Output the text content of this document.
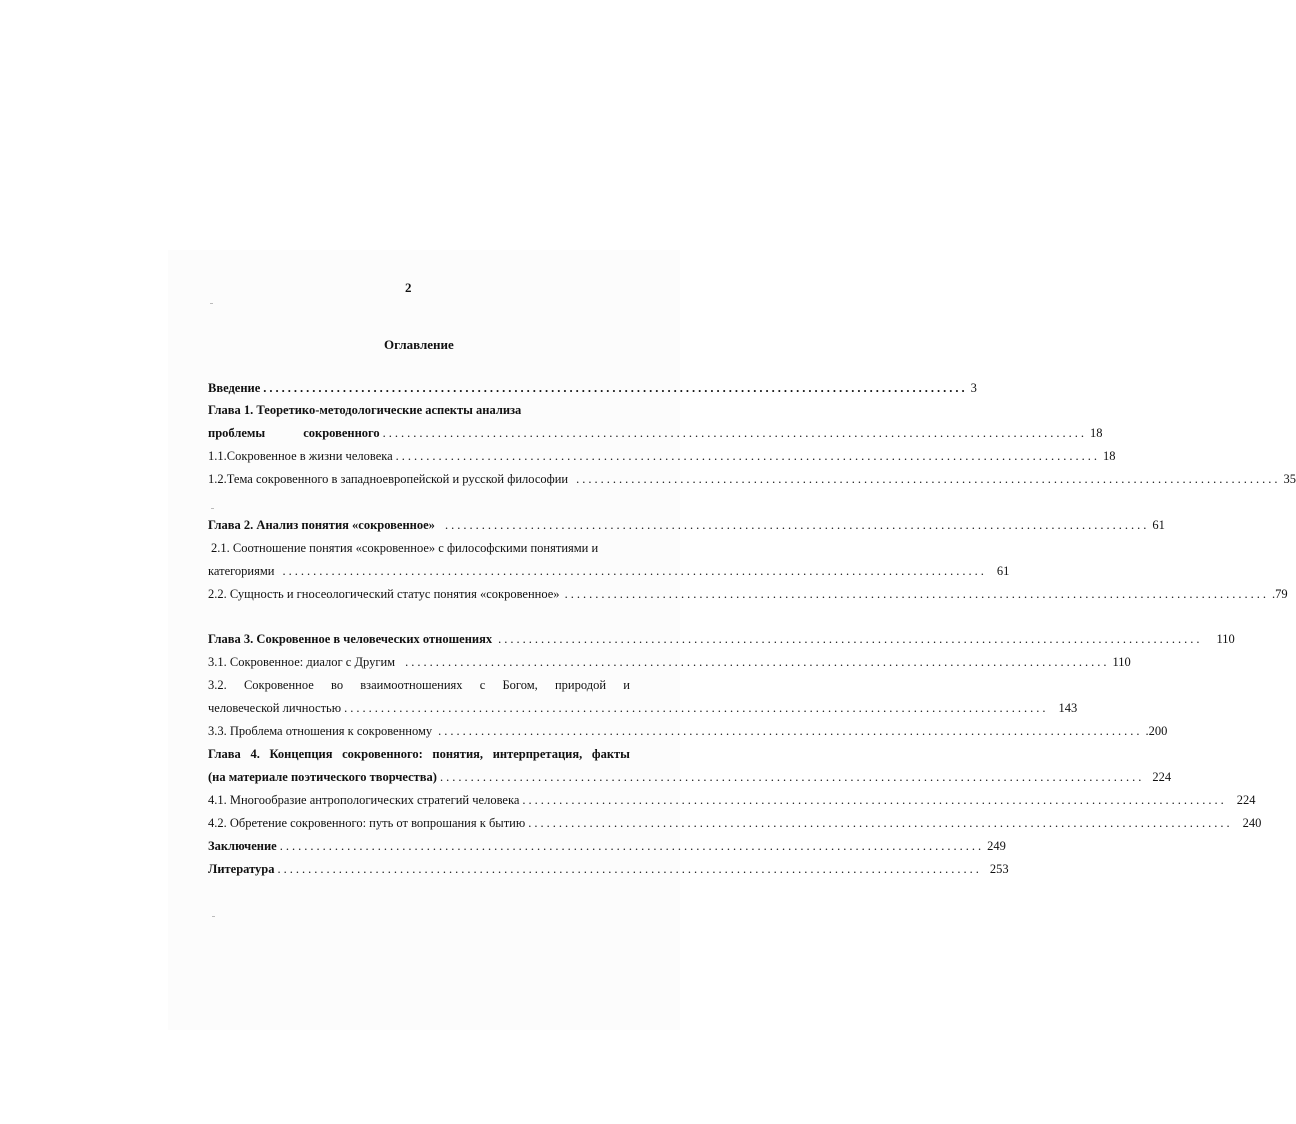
2
Оглавление
Введение ................................................................................................................... 3
Глава 1. Теоретико-методологические аспекты анализа
проблемы	сокровенного ................................................................................................................... 18
1.1.Сокровенное в жизни человека ................................................................................................................... 18
1.2.Тема сокровенного в западноевропейской и русской философии ................................................................................................................... 35
Глава 2. Анализ понятия «сокровенное» ................................................................................................................... 61
2.1. Соотношение понятия «сокровенное» с философскими понятиями и
категориями ................................................................................................................... 61
2.2. Сущность и гносеологический статус понятия «сокровенное» ................................................................................................................... .79
Глава 3. Сокровенное в человеческих отношениях ...................................................................................................................	110
3.1. Сокровенное: диалог с Другим ................................................................................................................... 110
3.2. Сокровенное во взаимоотношениях с Богом, природой и
человеческой личностью ................................................................................................................... 143
3.3. Проблема отношения к сокровенному ................................................................................................................... .200
Глава 4. Концепция сокровенного: понятия, интерпретация, факты
(на материале поэтического творчества) ................................................................................................................... 224
4.1. Многообразие антропологических стратегий человека ................................................................................................................... 224
4.2. Обретение сокровенного: путь от вопрошания к бытию ................................................................................................................... 240
Заключение ................................................................................................................... 249
Литература ................................................................................................................... 253
